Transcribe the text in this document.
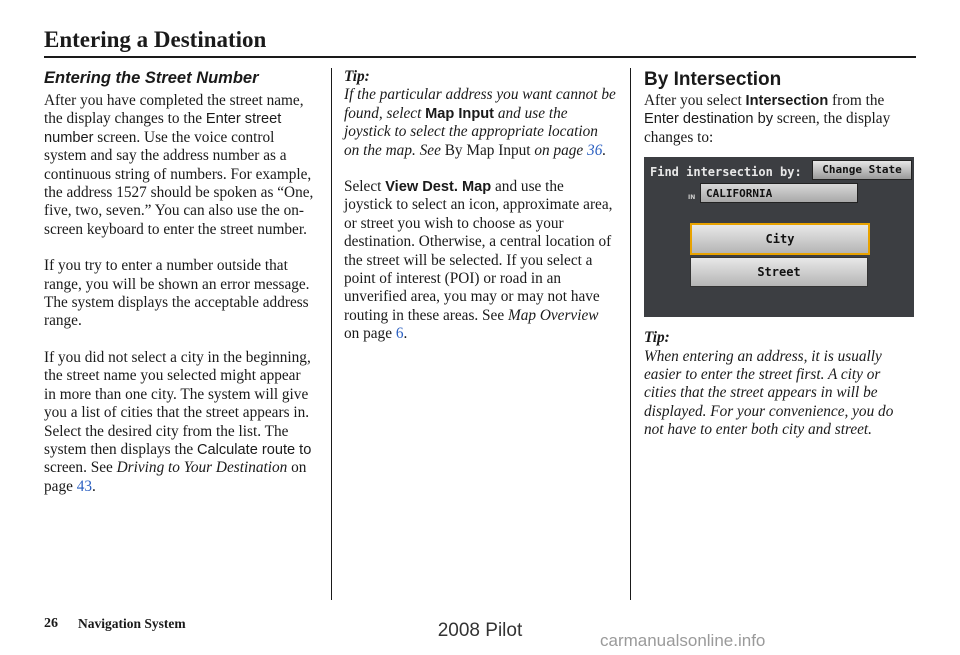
Entering a Destination
Entering the Street Number

After you have completed the street name, the display changes to the Enter street number screen. Use the voice control system and say the address number as a continuous string of numbers. For example, the address 1527 should be spoken as “One, five, two, seven.” You can also use the on-screen keyboard to enter the street number.

If you try to enter a number outside that range, you will be shown an error message. The system displays the acceptable address range.

If you did not select a city in the beginning, the street name you selected might appear in more than one city. The system will give you a list of cities that the street appears in. Select the desired city from the list. The system then displays the Calculate route to screen. See Driving to Your Destination on page 43.

Tip:

If the particular address you want cannot be found, select Map Input and use the joystick to select the appropriate location on the map. See By Map Input on page 36.

Select View Dest. Map and use the joystick to select an icon, approximate area, or street you wish to choose as your destination. Otherwise, a central location of the street will be selected. If you select a point of interest (POI) or road in an unverified area, you may or may not have routing in these areas. See Map Overview on page 6.

By Intersection

After you select Intersection from the Enter destination by screen, the display changes to:

Find intersection by:	Change State
IN CALIFORNIA
City
Street
Tip:

When entering an address, it is usually easier to enter the street first. A city or cities that the street appears in will be displayed. For your convenience, you do not have to enter both city and street.

26 Navigation System	2008 Pilot	carmanualsonline.info
